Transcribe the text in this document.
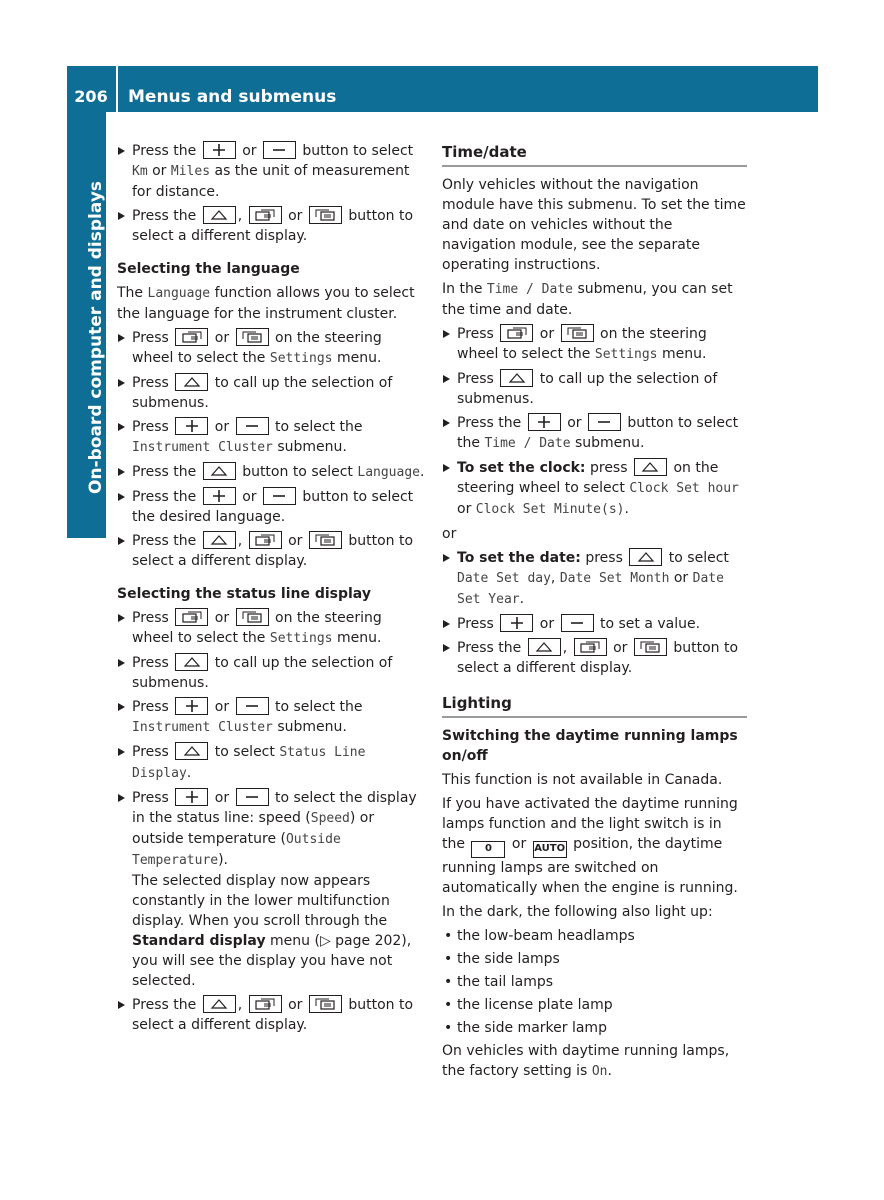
206	Menus and submenus
On-board computer and displays
Press the	or	button to select Km or Miles as the unit of measurement for distance.
Press the	,	or	button to select a different display.
Selecting the language

The Language function allows you to select the language for the instrument cluster.

Press	or	on the steering wheel to select the Settings menu.
Press	to call up the selection of submenus.
Press	or	to select the Instrument Cluster submenu.
Press the	button to select Language.
Press the	or	button to select the desired language.
Press the	,	or	button to select a different display.
Selecting the status line display
Press	or	on the steering wheel to select the Settings menu.
Press	to call up the selection of submenus.
Press	or	to select the Instrument Cluster submenu.
Press	to select Status Line Display.
Press	or	to select the display in the status line: speed (Speed) or outside temperature (Outside Temperature).
The selected display now appears constantly in the lower multifunction display. When you scroll through the Standard display menu (▷ page 202), you will see the display you have not selected.
Press the	,	or	button to select a different display.
Time/date

Only vehicles without the navigation module have this submenu. To set the time and date on vehicles without the navigation module, see the separate operating instructions.

In the Time / Date submenu, you can set the time and date.

Press	or	on the steering wheel to select the Settings menu.
Press	to call up the selection of submenus.
Press the	or	button to select the Time / Date submenu.
To set the clock: press	on the steering wheel to select Clock Set hour or Clock Set Minute(s).

or

To set the date: press	to select Date Set day, Date Set Month or Date Set Year.
Press	or	to set a value.
Press the	,	or	button to select a different display.
Lighting
Switching the daytime running lamps on/off

This function is not available in Canada.

If you have activated the daytime running lamps function and the light switch is in the 0 or AUTO position, the daytime running lamps are switched on automatically when the engine is running.

In the dark, the following also light up:

• the low-beam headlamps
• the side lamps
• the tail lamps
• the license plate lamp
• the side marker lamp

On vehicles with daytime running lamps, the factory setting is On.
